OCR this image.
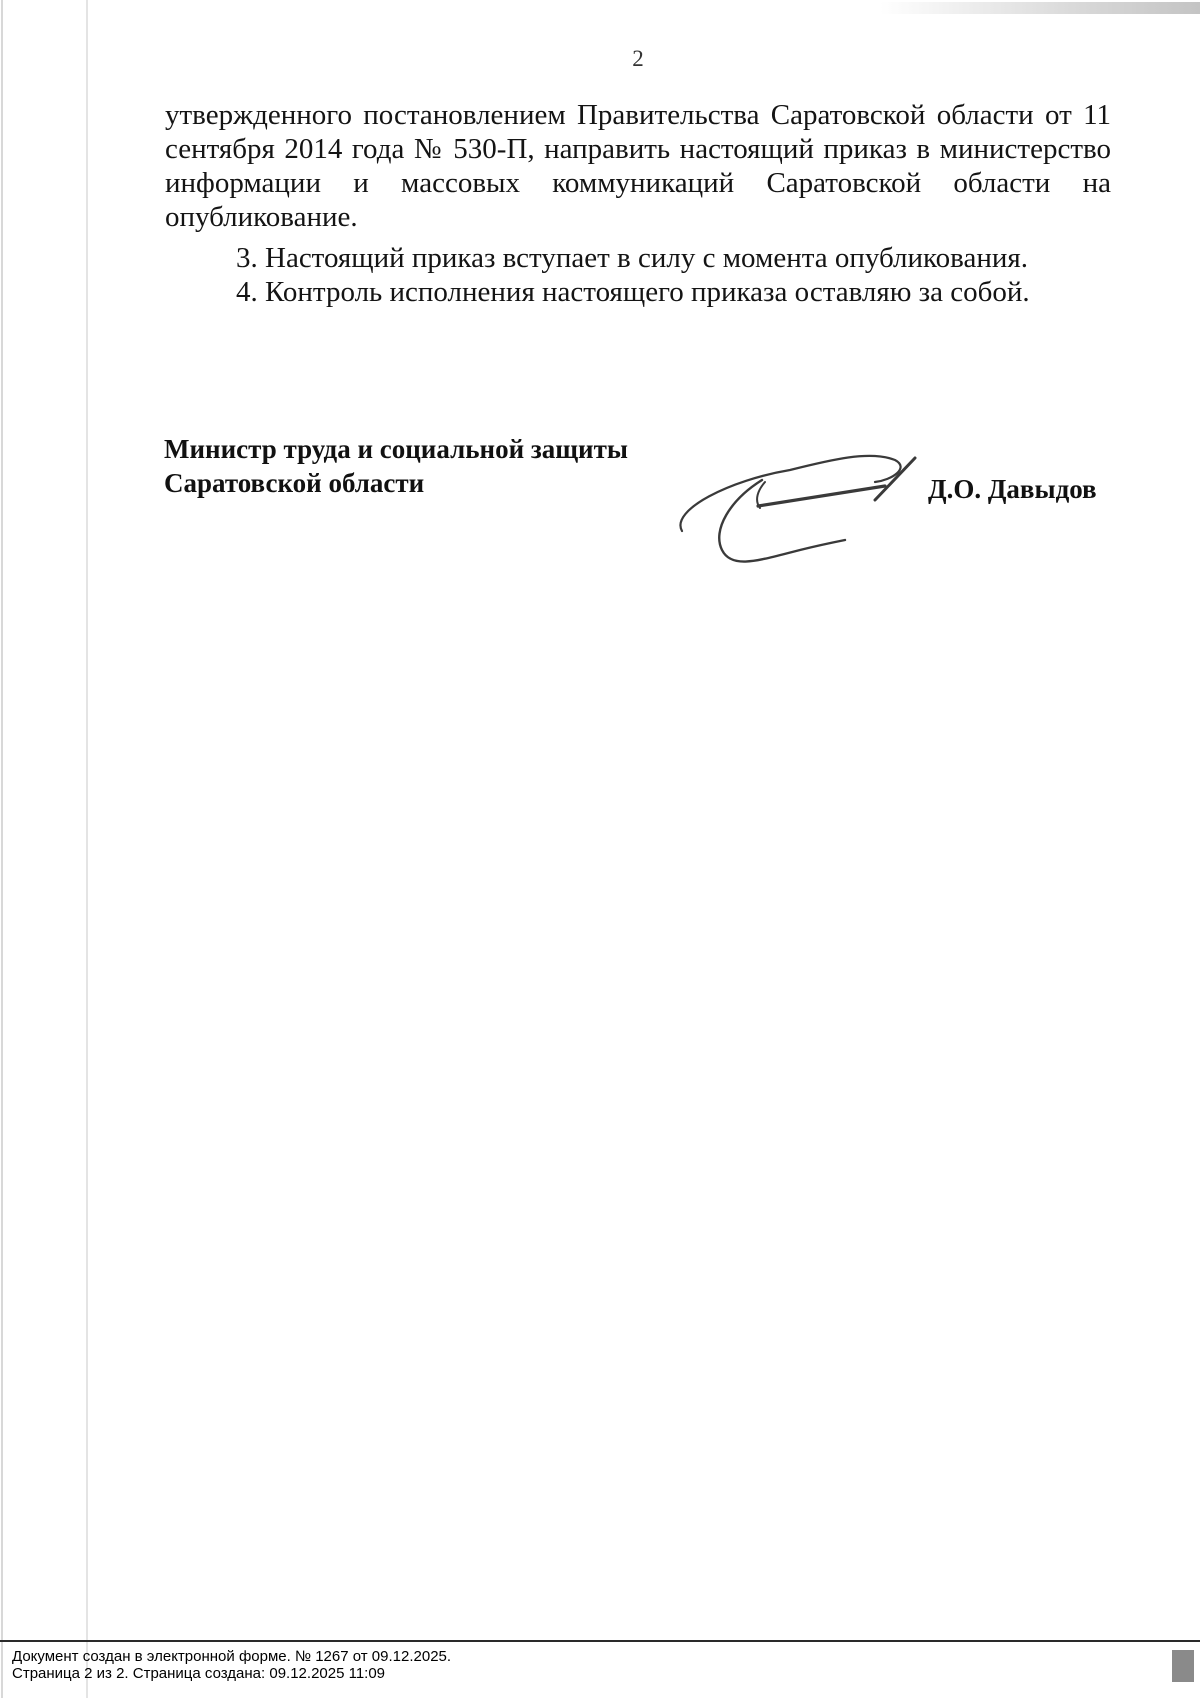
2
утвержденного постановлением Правительства Саратовской области от 11 сентября 2014 года № 530-П, направить настоящий приказ в министерство информации и массовых коммуникаций Саратовской области на опубликование.
3. Настоящий приказ вступает в силу с момента опубликования.
4. Контроль исполнения настоящего приказа оставляю за собой.
Министр труда и социальной защиты
Саратовской области	Д.О. Давыдов
Документ создан в электронной форме. № 1267 от 09.12.2025.
Страница 2 из 2. Страница создана: 09.12.2025 11:09
